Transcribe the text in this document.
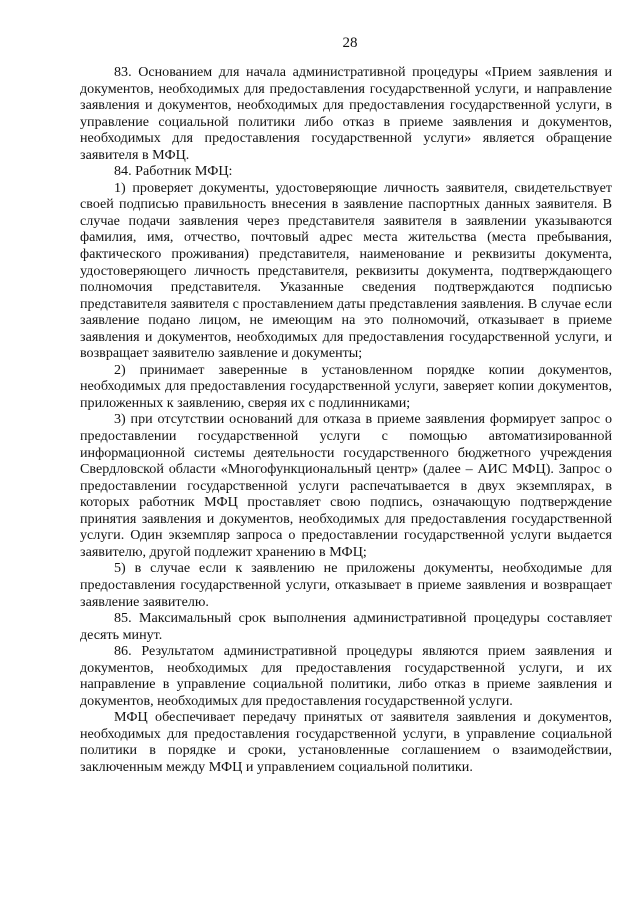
28

83. Основанием для начала административной процедуры «Прием заявления и документов, необходимых для предоставления государственной услуги, и направление заявления и документов, необходимых для предоставления государственной услуги, в управление социальной политики либо отказ в приеме заявления и документов, необходимых для предоставления государственной услуги» является обращение заявителя в МФЦ.

84. Работник МФЦ:

1) проверяет документы, удостоверяющие личность заявителя, свидетельствует своей подписью правильность внесения в заявление паспортных данных заявителя. В случае подачи заявления через представителя заявителя в заявлении указываются фамилия, имя, отчество, почтовый адрес места жительства (места пребывания, фактического проживания) представителя, наименование и реквизиты документа, удостоверяющего личность представителя, реквизиты документа, подтверждающего полномочия представителя. Указанные сведения подтверждаются подписью представителя заявителя с проставлением даты представления заявления. В случае если заявление подано лицом, не имеющим на это полномочий, отказывает в приеме заявления и документов, необходимых для предоставления государственной услуги, и возвращает заявителю заявление и документы;

2) принимает заверенные в установленном порядке копии документов, необходимых для предоставления государственной услуги, заверяет копии документов, приложенных к заявлению, сверяя их с подлинниками;

3) при отсутствии оснований для отказа в приеме заявления формирует запрос о предоставлении государственной услуги с помощью автоматизированной информационной системы деятельности государственного бюджетного учреждения Свердловской области «Многофункциональный центр» (далее – АИС МФЦ). Запрос о предоставлении государственной услуги распечатывается в двух экземплярах, в которых работник МФЦ проставляет свою подпись, означающую подтверждение принятия заявления и документов, необходимых для предоставления государственной услуги. Один экземпляр запроса о предоставлении государственной услуги выдается заявителю, другой подлежит хранению в МФЦ;

5) в случае если к заявлению не приложены документы, необходимые для предоставления государственной услуги, отказывает в приеме заявления и возвращает заявление заявителю.

85. Максимальный срок выполнения административной процедуры составляет десять минут.

86. Результатом административной процедуры являются прием заявления и документов, необходимых для предоставления государственной услуги, и их направление в управление социальной политики, либо отказ в приеме заявления и документов, необходимых для предоставления государственной услуги.

МФЦ обеспечивает передачу принятых от заявителя заявления и документов, необходимых для предоставления государственной услуги, в управление социальной политики в порядке и сроки, установленные соглашением о взаимодействии, заключенным между МФЦ и управлением социальной политики.
